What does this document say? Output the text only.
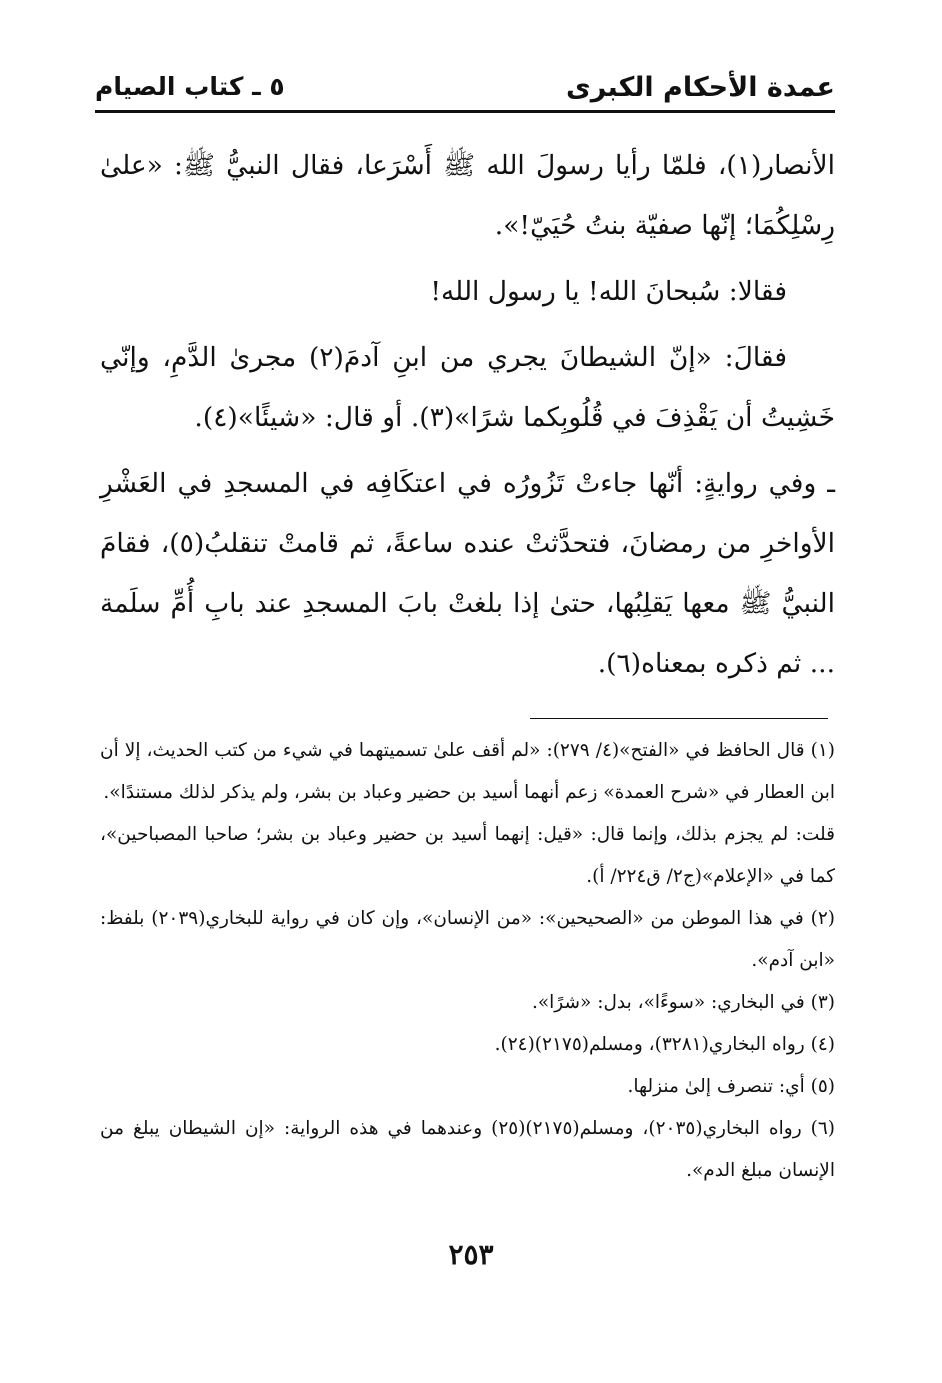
عمدة الأحكام الكبرى
٥ ـ كتاب الصيام

الأنصار(١)، فلمّا رأيا رسولَ الله ﷺ أَسْرَعا، فقال النبيُّ ﷺ: «علىٰ رِسْلِكُمَا؛ إنّها صفيّة بنتُ حُيَيّ!».

فقالا: سُبحانَ الله! يا رسول الله!

فقالَ: «إنّ الشيطانَ يجري من ابنِ آدمَ(٢) مجرىٰ الدَّمِ، وإنّي خَشِيتُ أن يَقْذِفَ في قُلُوبِكما شرًا»(٣). أو قال: «شيئًا»(٤).

ـ وفي روايةٍ: أنّها جاءتْ تَزُورُه في اعتكَافِه في المسجدِ في العَشْرِ الأواخرِ من رمضانَ، فتحدَّثتْ عنده ساعةً، ثم قامتْ تنقلبُ(٥)، فقامَ النبيُّ ﷺ معها يَقلِبُها، حتىٰ إذا بلغتْ بابَ المسجدِ عند بابِ أُمِّ سلَمة ... ثم ذكره بمعناه(٦).

(١) قال الحافظ في «الفتح»(٤/ ٢٧٩): «لم أقف علىٰ تسميتهما في شيء من كتب الحديث، إلا أن ابن العطار في «شرح العمدة» زعم أنهما أسيد بن حضير وعباد بن بشر، ولم يذكر لذلك مستندًا».

قلت: لم يجزم بذلك، وإنما قال: «قيل: إنهما أسيد بن حضير وعباد بن بشر؛ صاحبا المصباحين»، كما في «الإعلام»(ج٢/ ق٢٢٤/ أ).

(٢) في هذا الموطن من «الصحيحين»: «من الإنسان»، وإن كان في رواية للبخاري(٢٠٣٩) بلفظ: «ابن آدم».

(٣) في البخاري: «سوءًا»، بدل: «شرًا».

(٤) رواه البخاري(٣٢٨١)، ومسلم(٢١٧٥)(٢٤).

(٥) أي: تنصرف إلىٰ منزلها.

(٦) رواه البخاري(٢٠٣٥)، ومسلم(٢١٧٥)(٢٥) وعندهما في هذه الرواية: «إن الشيطان يبلغ من الإنسان مبلغ الدم».

٢٥٣
